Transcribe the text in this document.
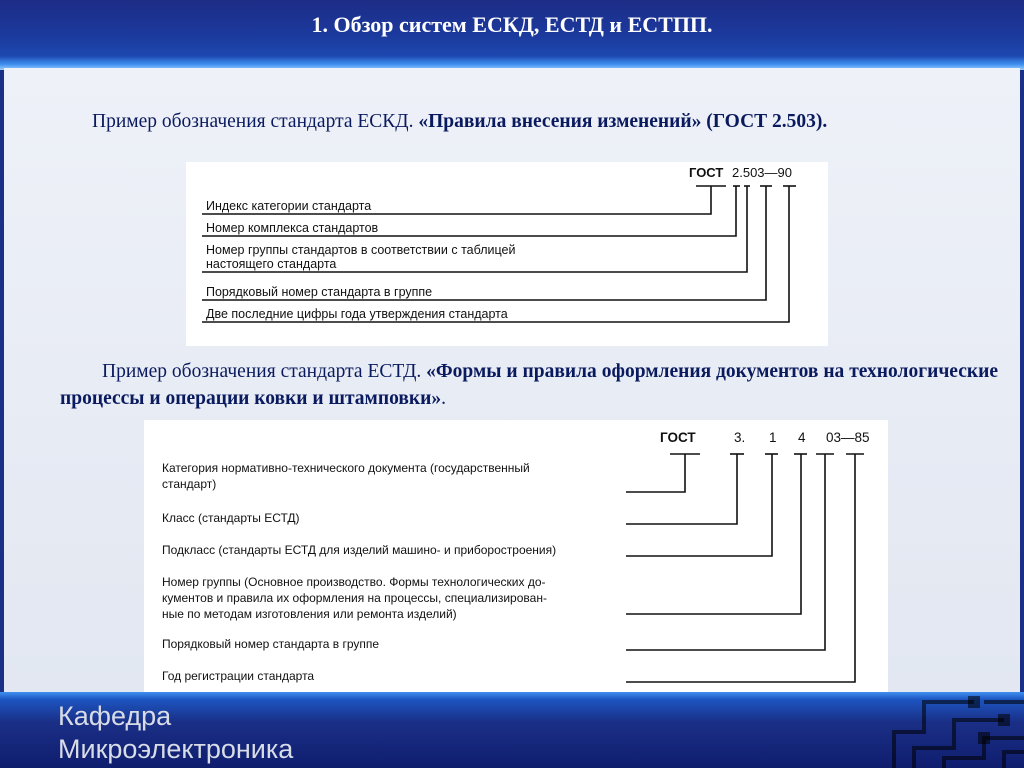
1. Обзор систем ЕСКД, ЕСТД и ЕСТПП.
Пример обозначения стандарта ЕСКД. «Правила внесения изменений» (ГОСТ 2.503).
ГОСТ 2.503—90
Индекс категории стандарта
Номер комплекса стандартов
Номер группы стандартов в соответствии с таблицей
настоящего стандарта
Порядковый номер стандарта в группе
Две последние цифры года утверждения стандарта
Пример обозначения стандарта ЕСТД. «Формы и правила оформления документов на технологические процессы и операции ковки и штамповки».
ГОСТ	3. 1 4 03—85
Категория нормативно-технического документа (государственный
стандарт)
Класс (стандарты ЕСТД)
Подкласс (стандарты ЕСТД для изделий машино- и приборостроения)
Номер группы (Основное производство. Формы технологических до-
кументов и правила их оформления на процессы, специализирован-
ные по методам изготовления или ремонта изделий)
Порядковый номер стандарта в группе
Год регистрации стандарта
Кафедра
Микроэлектроника
